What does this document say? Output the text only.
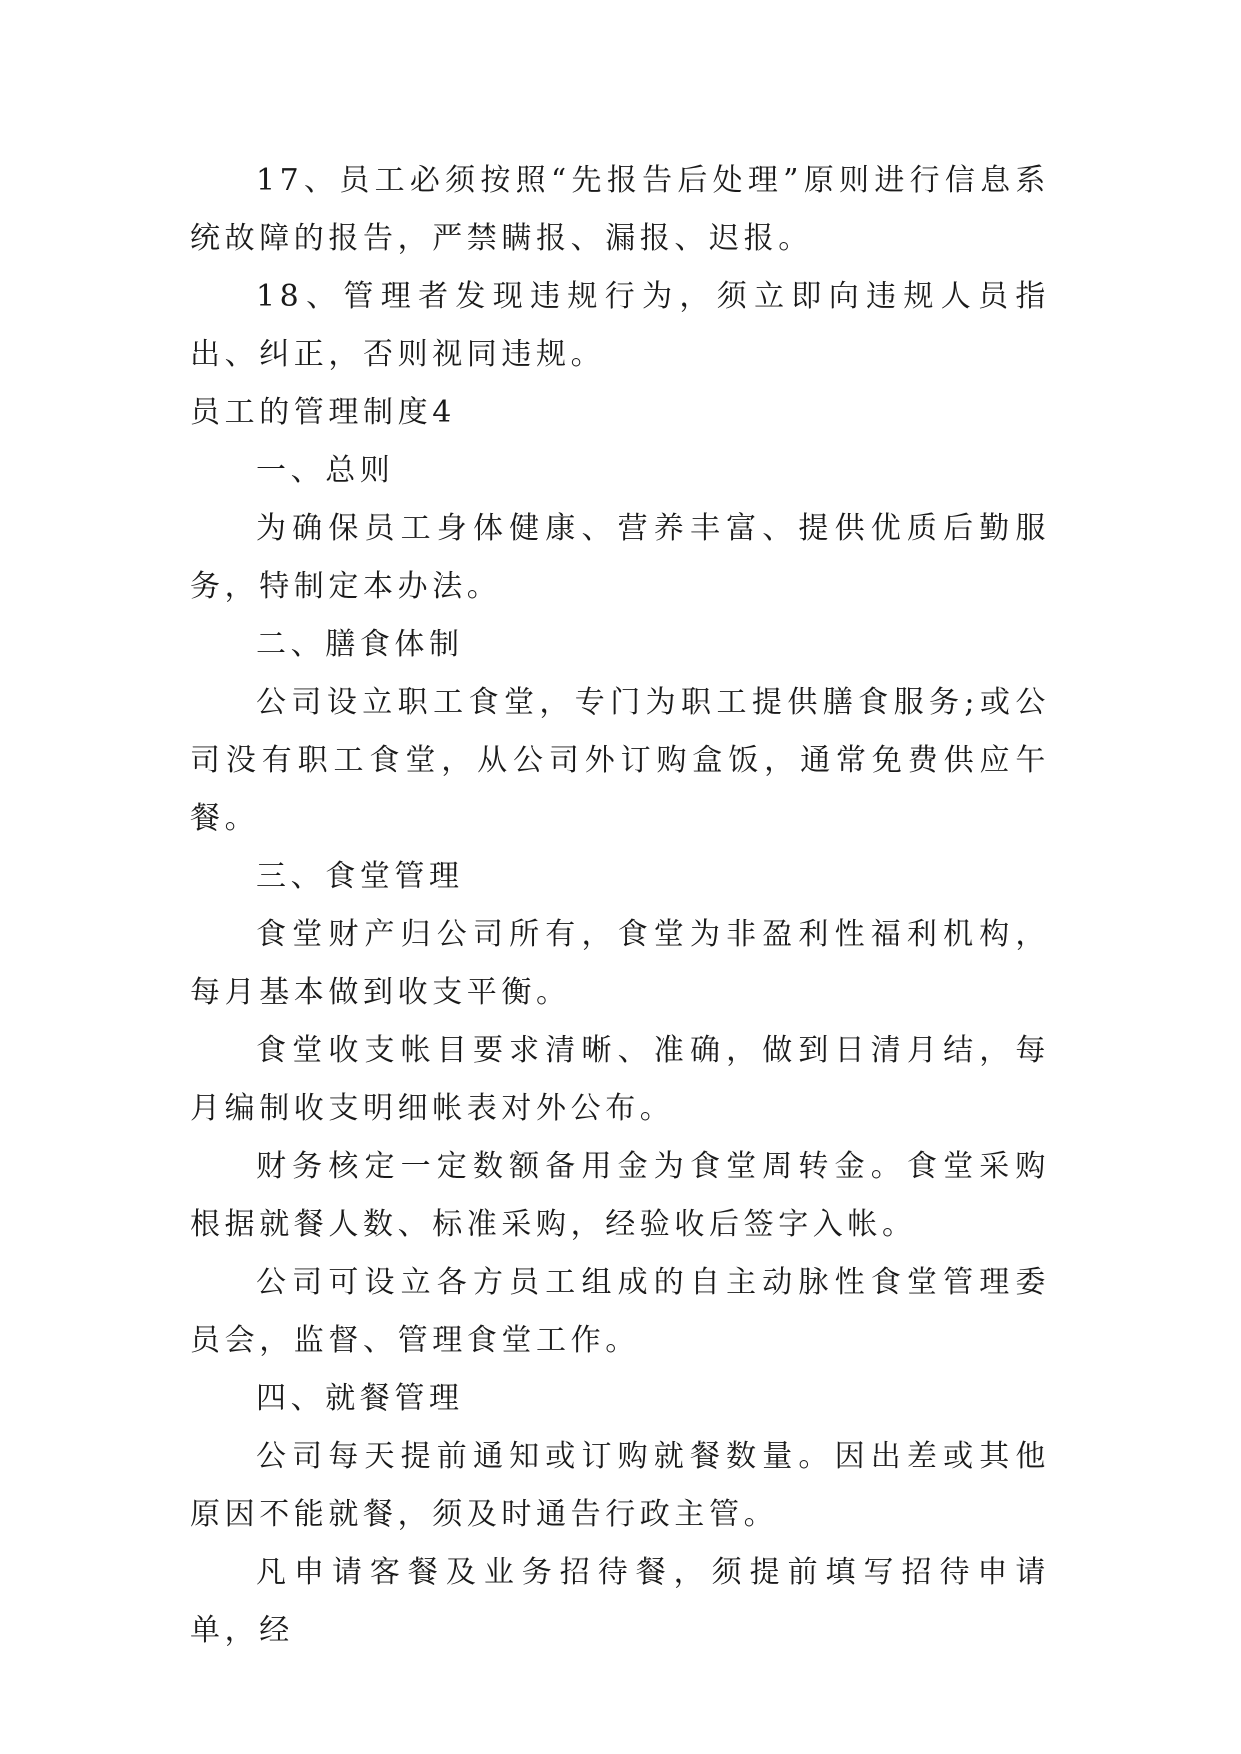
17、员工必须按照“先报告后处理”原则进行信息系统故障的报告，严禁瞒报、漏报、迟报。

18、管理者发现违规行为，须立即向违规人员指出、纠正，否则视同违规。

员工的管理制度4

一、总则

为确保员工身体健康、营养丰富、提供优质后勤服务，特制定本办法。

二、膳食体制

公司设立职工食堂，专门为职工提供膳食服务;或公司没有职工食堂，从公司外订购盒饭，通常免费供应午餐。

三、食堂管理

食堂财产归公司所有，食堂为非盈利性福利机构，每月基本做到收支平衡。

食堂收支帐目要求清晰、准确，做到日清月结，每月编制收支明细帐表对外公布。

财务核定一定数额备用金为食堂周转金。食堂采购根据就餐人数、标准采购，经验收后签字入帐。

公司可设立各方员工组成的自主动脉性食堂管理委员会，监督、管理食堂工作。

四、就餐管理

公司每天提前通知或订购就餐数量。因出差或其他原因不能就餐，须及时通告行政主管。

凡申请客餐及业务招待餐，须提前填写招待申请单，经
